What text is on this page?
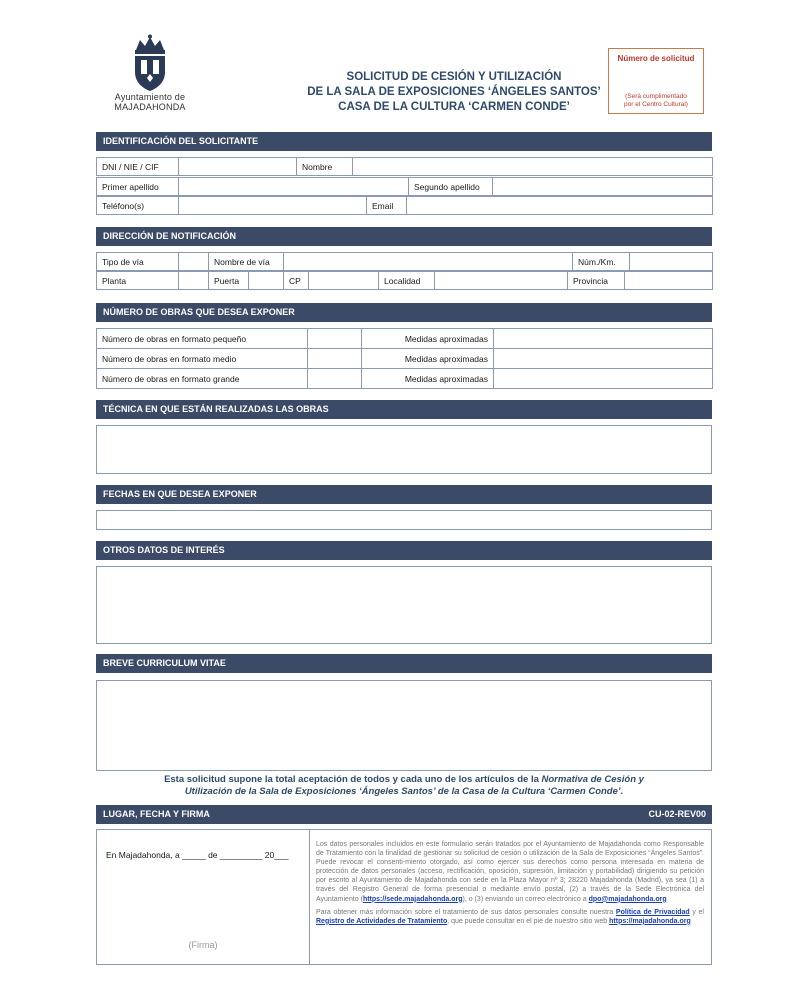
Ayuntamiento de
MAJADAHONDA
SOLICITUD DE CESIÓN Y UTILIZACIÓN
DE LA SALA DE EXPOSICIONES ‘ÁNGELES SANTOS’
CASA DE LA CULTURA ‘CARMEN CONDE’
Número de solicitud
(Será cumplimentado
por el Centro Cultural)
IDENTIFICACIÓN DEL SOLICITANTE
DNI / NIE / CIF		Nombre	
Primer apellido		Segundo apellido	
Teléfono(s)		Email	
DIRECCIÓN DE NOTIFICACIÓN
Tipo de vía		Nombre de vía		Núm./Km.	
Planta		Puerta		CP		Localidad		Provincia	
NÚMERO DE OBRAS QUE DESEA EXPONER
Número de obras en formato pequeño		Medidas aproximadas	
Número de obras en formato medio		Medidas aproximadas	
Número de obras en formato grande		Medidas aproximadas	
TÉCNICA EN QUE ESTÁN REALIZADAS LAS OBRAS
FECHAS EN QUE DESEA EXPONER
OTROS DATOS DE INTERÉS
BREVE CURRICULUM VITAE
Esta solicitud supone la total aceptación de todos y cada uno de los artículos de la Normativa de Cesión y
Utilización de la Sala de Exposiciones ‘Ángeles Santos’ de la Casa de la Cultura ‘Carmen Conde’.
LUGAR, FECHA Y FIRMA	CU-02-REV00
En Majadahonda, a _____ de _________ 20___
(Firma)

Los datos personales incluidos en este formulario serán tratados por el Ayuntamiento de Majadahonda como Responsable de Tratamiento con la finalidad de gestionar su solicitud de cesión o utilización de la Sala de Exposiciones “Ángeles Santos”. Puede revocar el consenti-miento otorgado, así como ejercer sus derechos como persona interesada en materia de protección de datos personales (acceso, rectificación, oposición, supresión, limitación y portabilidad) dirigiendo su petición por escrito al Ayuntamiento de Majadahonda con sede en la Plaza Mayor nº 3; 28220 Majadahonda (Madrid), ya sea (1) a través del Registro General de forma presencial o mediante envío postal, (2) a través de la Sede Electrónica del Ayuntamiento (https://sede.majadahonda.org), o (3) enviando un correo electrónico a dpo@majadahonda.org

Para obtener más información sobre el tratamiento de sus datos personales consulte nuestra Política de Privacidad y el Registro de Actividades de Tratamiento, que puede consultar en el pie de nuestro sitio web https://majadahonda.org
